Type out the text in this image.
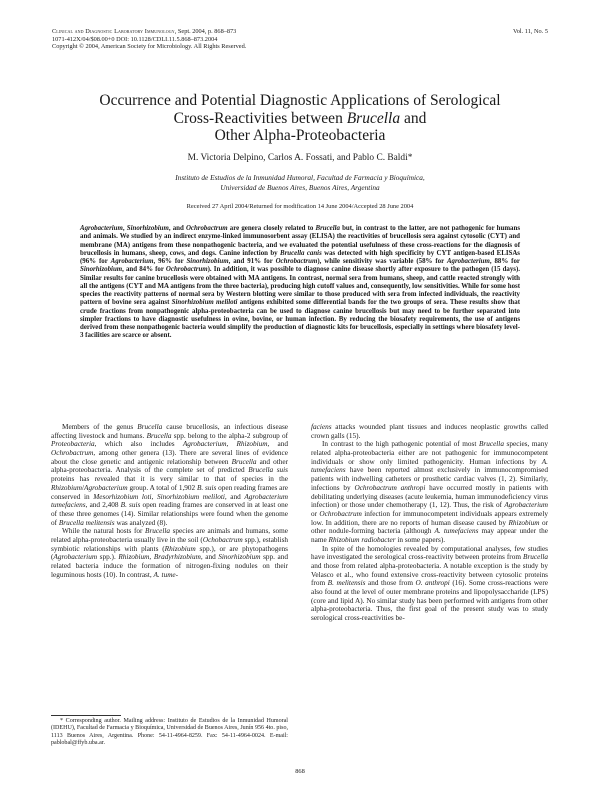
Clinical and Diagnostic Laboratory Immunology, Sept. 2004, p. 868–873
1071-412X/04/$08.00+0 DOI: 10.1128/CDLI.11.5.868–873.2004
Copyright © 2004, American Society for Microbiology. All Rights Reserved.
Vol. 11, No. 5
Occurrence and Potential Diagnostic Applications of Serological
Cross-Reactivities between Brucella and
Other Alpha-Proteobacteria
M. Victoria Delpino, Carlos A. Fossati, and Pablo C. Baldi*
Instituto de Estudios de la Inmunidad Humoral, Facultad de Farmacia y Bioquímica,
Universidad de Buenos Aires, Buenos Aires, Argentina
Received 27 April 2004/Returned for modification 14 June 2004/Accepted 28 June 2004
Agrobacterium, Sinorhizobium, and Ochrobactrum are genera closely related to Brucella but, in contrast to the latter, are not pathogenic for humans and animals. We studied by an indirect enzyme-linked immunosorbent assay (ELISA) the reactivities of brucellosis sera against cytosolic (CYT) and membrane (MA) antigens from these nonpathogenic bacteria, and we evaluated the potential usefulness of these cross-reactions for the diagnosis of brucellosis in humans, sheep, cows, and dogs. Canine infection by Brucella canis was detected with high specificity by CYT antigen-based ELISAs (96% for Agrobacterium, 96% for Sinorhizobium, and 91% for Ochrobactrum), while sensitivity was variable (58% for Agrobacterium, 88% for Sinorhizobium, and 84% for Ochrobactrum). In addition, it was possible to diagnose canine disease shortly after exposure to the pathogen (15 days). Similar results for canine brucellosis were obtained with MA antigens. In contrast, normal sera from humans, sheep, and cattle reacted strongly with all the antigens (CYT and MA antigens from the three bacteria), producing high cutoff values and, consequently, low sensitivities. While for some host species the reactivity patterns of normal sera by Western blotting were similar to those produced with sera from infected individuals, the reactivity pattern of bovine sera against Sinorhizobium meliloti antigens exhibited some differential bands for the two groups of sera. These results show that crude fractions from nonpathogenic alpha-proteobacteria can be used to diagnose canine brucellosis but may need to be further separated into simpler fractions to have diagnostic usefulness in ovine, bovine, or human infection. By reducing the biosafety requirements, the use of antigens derived from these nonpathogenic bacteria would simplify the production of diagnostic kits for brucellosis, especially in settings where biosafety level-3 facilities are scarce or absent.

Members of the genus Brucella cause brucellosis, an infectious disease affecting livestock and humans. Brucella spp. belong to the alpha-2 subgroup of Proteobacteria, which also includes Agrobacterium, Rhizobium, and Ochrobactrum, among other genera (13). There are several lines of evidence about the close genetic and antigenic relationship between Brucella and other alpha-proteobacteria. Analysis of the complete set of predicted Brucella suis proteins has revealed that it is very similar to that of species in the Rhizobium/Agrobacterium group. A total of 1,902 B. suis open reading frames are conserved in Mesorhizobium loti, Sinorhizobium meliloti, and Agrobacterium tumefaciens, and 2,408 B. suis open reading frames are conserved in at least one of these three genomes (14). Similar relationships were found when the genome of Brucella melitensis was analyzed (8).

While the natural hosts for Brucella species are animals and humans, some related alpha-proteobacteria usually live in the soil (Ochobactrum spp.), establish symbiotic relationships with plants (Rhizobium spp.), or are phytopathogens (Agrobacterium spp.). Rhizobium, Bradyrhizobium, and Sinorhizobium spp. and related bacteria induce the formation of nitrogen-fixing nodules on their leguminous hosts (10). In contrast, A. tume-

faciens attacks wounded plant tissues and induces neoplastic growths called crown galls (15).

In contrast to the high pathogenic potential of most Brucella species, many related alpha-proteobacteria either are not pathogenic for immunocompetent individuals or show only limited pathogenicity. Human infections by A. tumefaciens have been reported almost exclusively in immunocompromised patients with indwelling catheters or prosthetic cardiac valves (1, 2). Similarly, infections by Ochrobactrum anthropi have occurred mostly in patients with debilitating underlying diseases (acute leukemia, human immunodeficiency virus infection) or those under chemotherapy (1, 12). Thus, the risk of Agrobacterium or Ochrobactrum infection for immunocompetent individuals appears extremely low. In addition, there are no reports of human disease caused by Rhizobium or other nodule-forming bacteria (although A. tumefaciens may appear under the name Rhizobium radiobacter in some papers).

In spite of the homologies revealed by computational analyses, few studies have investigated the serological cross-reactivity between proteins from Brucella and those from related alpha-proteobacteria. A notable exception is the study by Velasco et al., who found extensive cross-reactivity between cytosolic proteins from B. melitensis and those from O. anthropi (16). Some cross-reactions were also found at the level of outer membrane proteins and lipopolysaccharide (LPS) (core and lipid A). No similar study has been performed with antigens from other alpha-proteobacteria. Thus, the first goal of the present study was to study serological cross-reactivities be-

* Corresponding author. Mailing address: Instituto de Estudios de la Inmunidad Humoral (IDEHU), Facultad de Farmacia y Bioquímica, Universidad de Buenos Aires, Junín 956 4to. piso, 1113 Buenos Aires, Argentina. Phone: 54-11-4964-8259. Fax: 54-11-4964-0024. E-mail: pablobal@ffyb.uba.ar.
868
